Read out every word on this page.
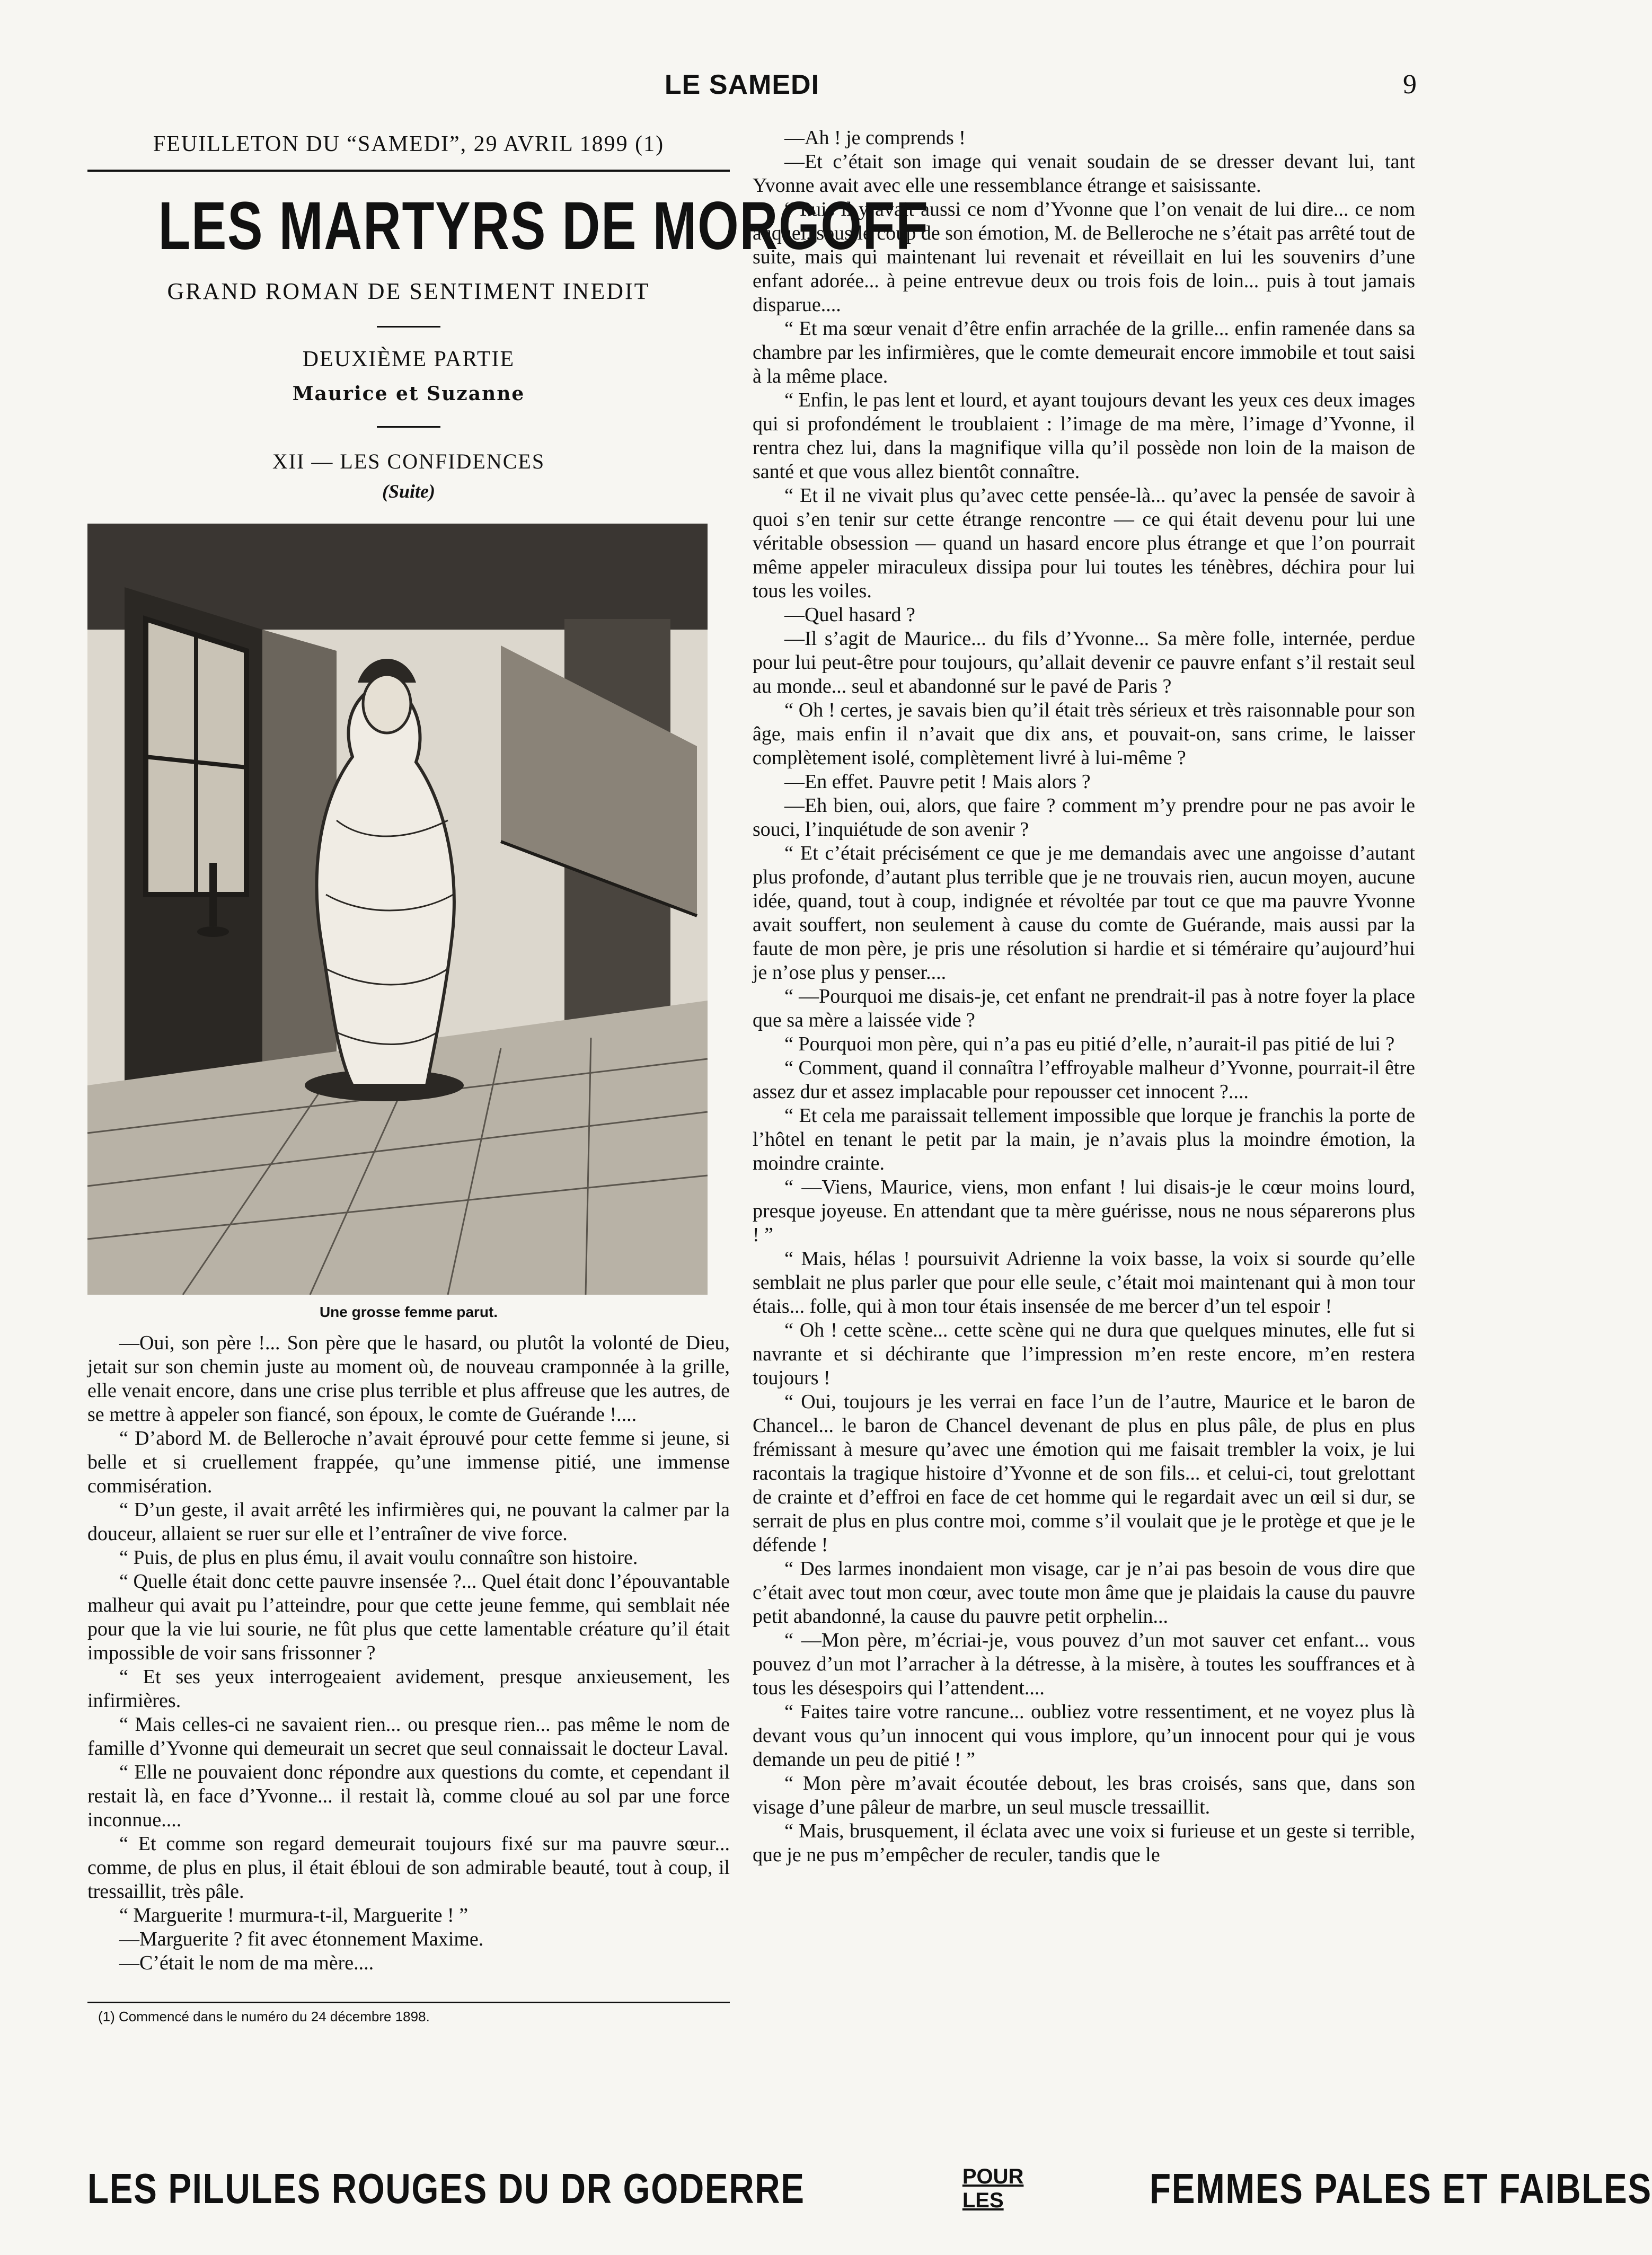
LE SAMEDI	9
FEUILLETON DU “SAMEDI”, 29 AVRIL 1899 (1)
LES MARTYRS DE MORGOFF
GRAND ROMAN DE SENTIMENT INEDIT
DEUXIÈME PARTIE
Maurice et Suzanne
XII — LES CONFIDENCES
(Suite)
Une grosse femme parut.

—Oui, son père !... Son père que le hasard, ou plutôt la volonté de Dieu, jetait sur son chemin juste au moment où, de nouveau cramponnée à la grille, elle venait encore, dans une crise plus terrible et plus affreuse que les autres, de se mettre à appeler son fiancé, son époux, le comte de Guérande !....

“ D’abord M. de Belleroche n’avait éprouvé pour cette femme si jeune, si belle et si cruellement frappée, qu’une immense pitié, une immense commisération.

“ D’un geste, il avait arrêté les infirmières qui, ne pouvant la calmer par la douceur, allaient se ruer sur elle et l’entraîner de vive force.

“ Puis, de plus en plus ému, il avait voulu connaître son histoire.

“ Quelle était donc cette pauvre insensée ?... Quel était donc l’épouvantable malheur qui avait pu l’atteindre, pour que cette jeune femme, qui semblait née pour que la vie lui sourie, ne fût plus que cette lamentable créature qu’il était impossible de voir sans frissonner ?

“ Et ses yeux interrogeaient avidement, presque anxieusement, les infirmières.

“ Mais celles-ci ne savaient rien... ou presque rien... pas même le nom de famille d’Yvonne qui demeurait un secret que seul connaissait le docteur Laval.

“ Elle ne pouvaient donc répondre aux questions du comte, et cependant il restait là, en face d’Yvonne... il restait là, comme cloué au sol par une force inconnue....

“ Et comme son regard demeurait toujours fixé sur ma pauvre sœur... comme, de plus en plus, il était ébloui de son admirable beauté, tout à coup, il tressaillit, très pâle.

“ Marguerite ! murmura-t-il, Marguerite ! ”

—Marguerite ? fit avec étonnement Maxime.

—C’était le nom de ma mère....

(1) Commencé dans le numéro du 24 décembre 1898.

—Ah ! je comprends !

—Et c’était son image qui venait soudain de se dresser devant lui, tant Yvonne avait avec elle une ressemblance étrange et saisissante.

“ Puis il y avait aussi ce nom d’Yvonne que l’on venait de lui dire... ce nom auquel, sous le coup de son émotion, M. de Belleroche ne s’était pas arrêté tout de suite, mais qui maintenant lui revenait et réveillait en lui les souvenirs d’une enfant adorée... à peine entrevue deux ou trois fois de loin... puis à tout jamais disparue....

“ Et ma sœur venait d’être enfin arrachée de la grille... enfin ramenée dans sa chambre par les infirmières, que le comte demeurait encore immobile et tout saisi à la même place.

“ Enfin, le pas lent et lourd, et ayant toujours devant les yeux ces deux images qui si profondément le troublaient : l’image de ma mère, l’image d’Yvonne, il rentra chez lui, dans la magnifique villa qu’il possède non loin de la maison de santé et que vous allez bientôt connaître.

“ Et il ne vivait plus qu’avec cette pensée-là... qu’avec la pensée de savoir à quoi s’en tenir sur cette étrange rencontre — ce qui était devenu pour lui une véritable obsession — quand un hasard encore plus étrange et que l’on pourrait même appeler miraculeux dissipa pour lui toutes les ténèbres, déchira pour lui tous les voiles.

—Quel hasard ?

—Il s’agit de Maurice... du fils d’Yvonne... Sa mère folle, internée, perdue pour lui peut-être pour toujours, qu’allait devenir ce pauvre enfant s’il restait seul au monde... seul et abandonné sur le pavé de Paris ?

“ Oh ! certes, je savais bien qu’il était très sérieux et très raisonnable pour son âge, mais enfin il n’avait que dix ans, et pouvait-on, sans crime, le laisser complètement isolé, complètement livré à lui-même ?

—En effet. Pauvre petit ! Mais alors ?

—Eh bien, oui, alors, que faire ? comment m’y prendre pour ne pas avoir le souci, l’inquiétude de son avenir ?

“ Et c’était précisément ce que je me demandais avec une angoisse d’autant plus profonde, d’autant plus terrible que je ne trouvais rien, aucun moyen, aucune idée, quand, tout à coup, indignée et révoltée par tout ce que ma pauvre Yvonne avait souffert, non seulement à cause du comte de Guérande, mais aussi par la faute de mon père, je pris une résolution si hardie et si téméraire qu’aujourd’hui je n’ose plus y penser....

“ —Pourquoi me disais-je, cet enfant ne prendrait-il pas à notre foyer la place que sa mère a laissée vide ?

“ Pourquoi mon père, qui n’a pas eu pitié d’elle, n’aurait-il pas pitié de lui ?

“ Comment, quand il connaîtra l’effroyable malheur d’Yvonne, pourrait-il être assez dur et assez implacable pour repousser cet innocent ?....

“ Et cela me paraissait tellement impossible que lorque je franchis la porte de l’hôtel en tenant le petit par la main, je n’avais plus la moindre émotion, la moindre crainte.

“ —Viens, Maurice, viens, mon enfant ! lui disais-je le cœur moins lourd, presque joyeuse. En attendant que ta mère guérisse, nous ne nous séparerons plus ! ”

“ Mais, hélas ! poursuivit Adrienne la voix basse, la voix si sourde qu’elle semblait ne plus parler que pour elle seule, c’était moi maintenant qui à mon tour étais... folle, qui à mon tour étais insensée de me bercer d’un tel espoir !

“ Oh ! cette scène... cette scène qui ne dura que quelques minutes, elle fut si navrante et si déchirante que l’impression m’en reste encore, m’en restera toujours !

“ Oui, toujours je les verrai en face l’un de l’autre, Maurice et le baron de Chancel... le baron de Chancel devenant de plus en plus pâle, de plus en plus frémissant à mesure qu’avec une émotion qui me faisait trembler la voix, je lui racontais la tragique histoire d’Yvonne et de son fils... et celui-ci, tout grelottant de crainte et d’effroi en face de cet homme qui le regardait avec un œil si dur, se serrait de plus en plus contre moi, comme s’il voulait que je le protège et que je le défende !

“ Des larmes inondaient mon visage, car je n’ai pas besoin de vous dire que c’était avec tout mon cœur, avec toute mon âme que je plaidais la cause du pauvre petit abandonné, la cause du pauvre petit orphelin...

“ —Mon père, m’écriai-je, vous pouvez d’un mot sauver cet enfant... vous pouvez d’un mot l’arracher à la détresse, à la misère, à toutes les souffrances et à tous les désespoirs qui l’attendent....

“ Faites taire votre rancune... oubliez votre ressentiment, et ne voyez plus là devant vous qu’un innocent qui vous implore, qu’un innocent pour qui je vous demande un peu de pitié ! ”

“ Mon père m’avait écoutée debout, les bras croisés, sans que, dans son visage d’une pâleur de marbre, un seul muscle tressaillit.

“ Mais, brusquement, il éclata avec une voix si furieuse et un geste si terrible, que je ne pus m’empêcher de reculer, tandis que le

LES PILULES ROUGES DU DR GODERRE	POUR LES	FEMMES PALES ET FAIBLES
